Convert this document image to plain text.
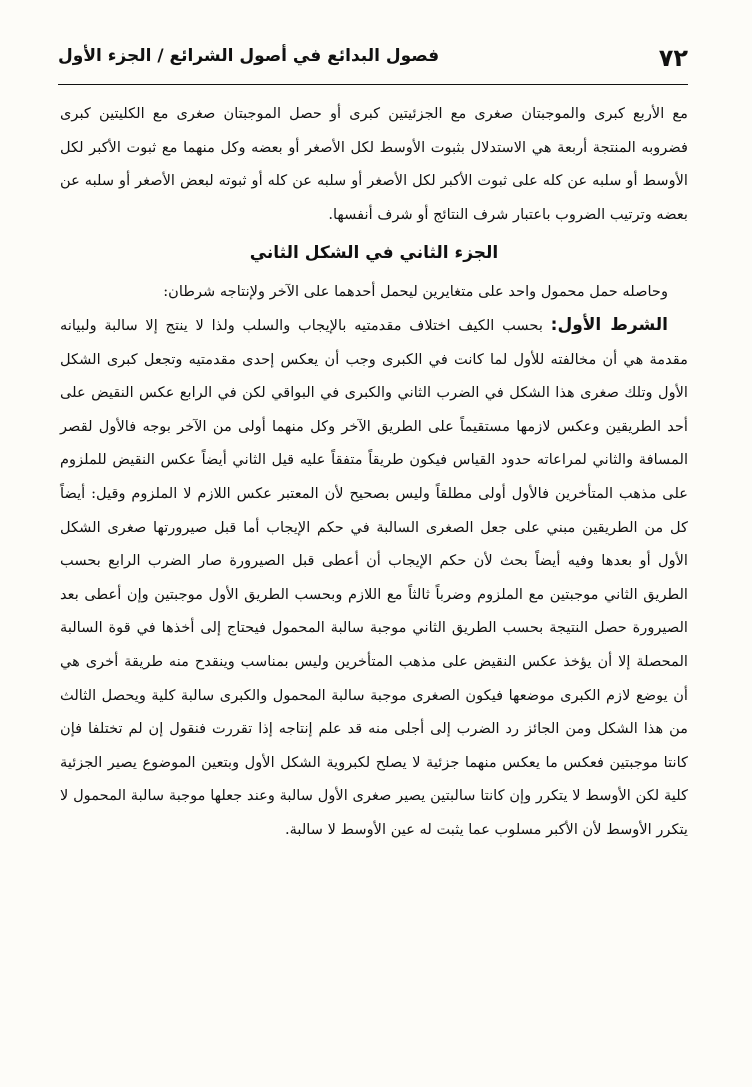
٧٢
فصول البدائع في أصول الشرائع / الجزء الأول

مع الأربع كبرى والموجبتان صغرى مع الجزئيتين كبرى أو حصل الموجبتان صغرى مع الكليتين كبرى فضروبه المنتجة أربعة هي الاستدلال بثبوت الأوسط لكل الأصغر أو بعضه وكل منهما مع ثبوت الأكبر لكل الأوسط أو سلبه عن كله على ثبوت الأكبر لكل الأصغر أو سلبه عن كله أو ثبوته لبعض الأصغر أو سلبه عن بعضه وترتيب الضروب باعتبار شرف النتائج أو شرف أنفسها.

الجزء الثاني في الشكل الثاني

وحاصله حمل محمول واحد على متغايرين ليحمل أحدهما على الآخر ولإنتاجه شرطان:

الشرط الأول: بحسب الكيف اختلاف مقدمتيه بالإيجاب والسلب ولذا لا ينتج إلا سالبة ولبيانه مقدمة هي أن مخالفته للأول لما كانت في الكبرى وجب أن يعكس إحدى مقدمتيه وتجعل كبرى الشكل الأول وتلك صغرى هذا الشكل في الضرب الثاني والكبرى في البواقي لكن في الرابع عكس النقيض على أحد الطريقين وعكس لازمها مستقيماً على الطريق الآخر وكل منهما أولى من الآخر بوجه فالأول لقصر المسافة والثاني لمراعاته حدود القياس فيكون طريقاً متفقاً عليه قيل الثاني أيضاً عكس النقيض للملزوم على مذهب المتأخرين فالأول أولى مطلقاً وليس بصحيح لأن المعتبر عكس اللازم لا الملزوم وقيل: أيضاً كل من الطريقين مبني على جعل الصغرى السالبة في حكم الإيجاب أما قبل صيرورتها صغرى الشكل الأول أو بعدها وفيه أيضاً بحث لأن حكم الإيجاب أن أعطى قبل الصيرورة صار الضرب الرابع بحسب الطريق الثاني موجبتين مع الملزوم وضرباً ثالثاً مع اللازم وبحسب الطريق الأول موجبتين وإن أعطى بعد الصيرورة حصل النتيجة بحسب الطريق الثاني موجبة سالبة المحمول فيحتاج إلى أخذها في قوة السالبة المحصلة إلا أن يؤخذ عكس النقيض على مذهب المتأخرين وليس بمناسب وينقدح منه طريقة أخرى هي أن يوضع لازم الكبرى موضعها فيكون الصغرى موجبة سالبة المحمول والكبرى سالبة كلية ويحصل الثالث من هذا الشكل ومن الجائز رد الضرب إلى أجلى منه قد علم إنتاجه إذا تقررت فنقول إن لم تختلفا فإن كانتا موجبتين فعكس ما يعكس منهما جزئية لا يصلح لكبروية الشكل الأول وبتعين الموضوع يصير الجزئية كلية لكن الأوسط لا يتكرر وإن كانتا سالبتين يصير صغرى الأول سالبة وعند جعلها موجبة سالبة المحمول لا يتكرر الأوسط لأن الأكبر مسلوب عما يثبت له عين الأوسط لا سالبة.
